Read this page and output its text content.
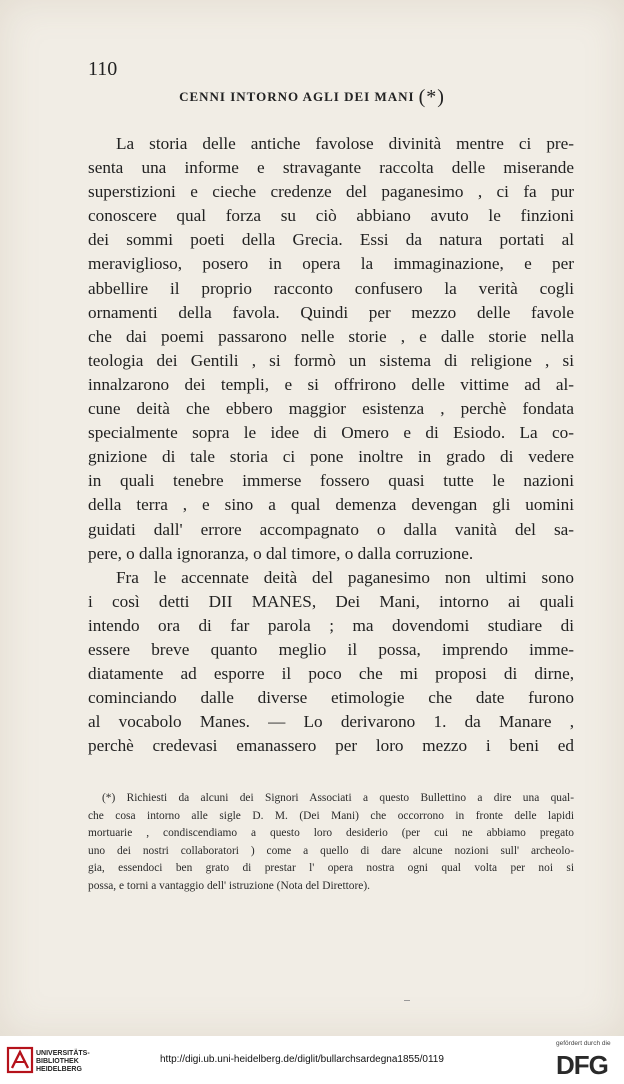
110
CENNI INTORNO AGLI DEI MANI (*)
La storia delle antiche favolose divinità mentre ci pre-
senta una informe e stravagante raccolta delle miserande
superstizioni e cieche credenze del paganesimo , ci fa pur
conoscere qual forza su ciò abbiano avuto le finzioni
dei sommi poeti della Grecia. Essi da natura portati al
meraviglioso, posero in opera la immaginazione, e per
abbellire il proprio racconto confusero la verità cogli
ornamenti della favola. Quindi per mezzo delle favole
che dai poemi passarono nelle storie , e dalle storie nella
teologia dei Gentili , si formò un sistema di religione , si
innalzarono dei templi, e si offrirono delle vittime ad al-
cune deità che ebbero maggior esistenza , perchè fondata
specialmente sopra le idee di Omero e di Esiodo. La co-
gnizione di tale storia ci pone inoltre in grado di vedere
in quali tenebre immerse fossero quasi tutte le nazioni
della terra , e sino a qual demenza devengan gli uomini
guidati dall' errore accompagnato o dalla vanità del sa-
pere, o dalla ignoranza, o dal timore, o dalla corruzione.
Fra le accennate deità del paganesimo non ultimi sono
i così detti DII MANES, Dei Mani, intorno ai quali
intendo ora di far parola ; ma dovendomi studiare di
essere breve quanto meglio il possa, imprendo imme-
diatamente ad esporre il poco che mi proposi di dirne,
cominciando dalle diverse etimologie che date furono
al vocabolo Manes. — Lo derivarono 1. da Manare ,
perchè credevasi emanassero per loro mezzo i beni ed
(*) Richiesti da alcuni dei Signori Associati a questo Bullettino a dire una qual-
che cosa intorno alle sigle D. M. (Dei Mani) che occorrono in fronte delle lapidi
mortuarie , condiscendiamo a questo loro desiderio (per cui ne abbiamo pregato
uno dei nostri collaboratori ) come a quello di dare alcune nozioni sull' archeolo-
gia, essendoci ben grato di prestar l' opera nostra ogni qual volta per noi si
possa, e torni a vantaggio dell' istruzione (Nota del Direttore).
UNIVERSITÄTS-
BIBLIOTHEK
HEIDELBERG
http://digi.ub.uni-heidelberg.de/diglit/bullarchsardegna1855/0119
gefördert durch die
DFG
